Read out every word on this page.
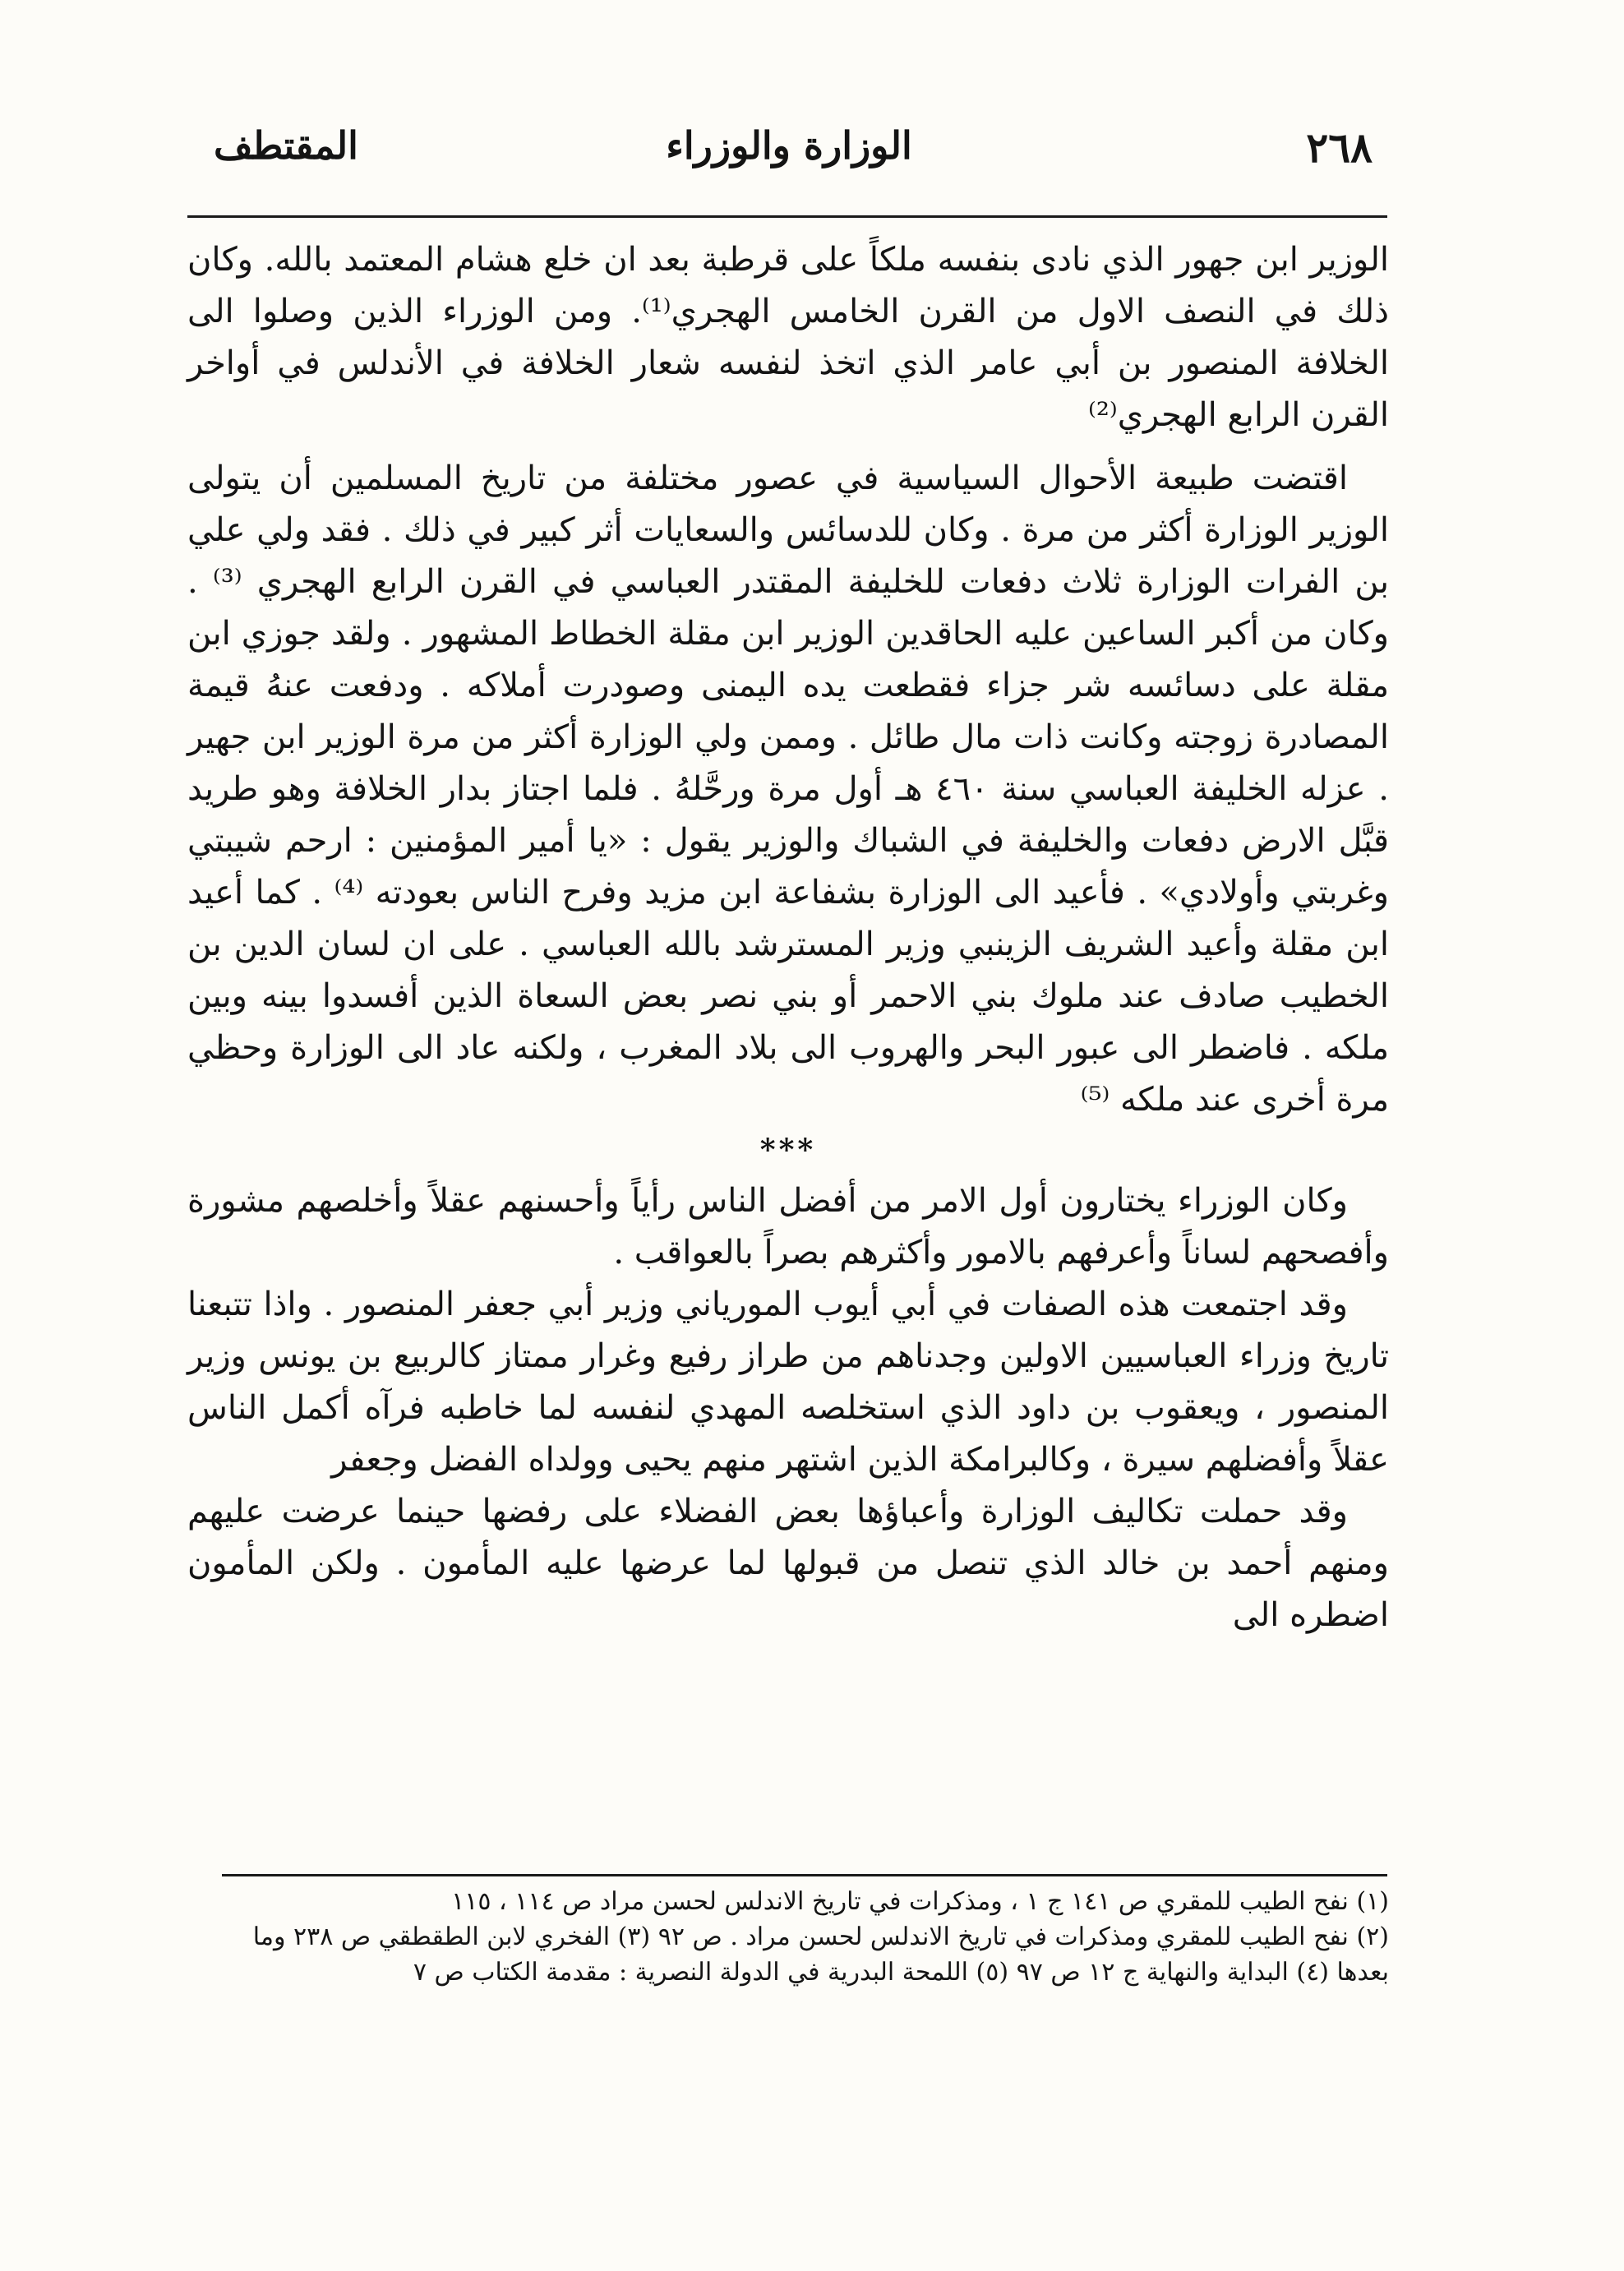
المقتطف	الوزارة والوزراء	٢٦٨

الوزير ابن جهور الذي نادى بنفسه ملكاً على قرطبة بعد ان خلع هشام المعتمد بالله. وكان ذلك في النصف الاول من القرن الخامس الهجري⁽¹⁾. ومن الوزراء الذين وصلوا الى الخلافة المنصور بن أبي عامر الذي اتخذ لنفسه شعار الخلافة في الأندلس في أواخر القرن الرابع الهجري⁽²⁾

اقتضت طبيعة الأحوال السياسية في عصور مختلفة من تاريخ المسلمين أن يتولى الوزير الوزارة أكثر من مرة . وكان للدسائس والسعايات أثر كبير في ذلك . فقد ولي علي بن الفرات الوزارة ثلاث دفعات للخليفة المقتدر العباسي في القرن الرابع الهجري ⁽³⁾ . وكان من أكبر الساعين عليه الحاقدين الوزير ابن مقلة الخطاط المشهور . ولقد جوزي ابن مقلة على دسائسه شر جزاء فقطعت يده اليمنى وصودرت أملاكه . ودفعت عنهُ قيمة المصادرة زوجته وكانت ذات مال طائل . وممن ولي الوزارة أكثر من مرة الوزير ابن جهير . عزله الخليفة العباسي سنة ٤٦٠ هـ أول مرة ورحَّلهُ . فلما اجتاز بدار الخلافة وهو طريد قبَّل الارض دفعات والخليفة في الشباك والوزير يقول : «يا أمير المؤمنين : ارحم شيبتي وغربتي وأولادي» . فأعيد الى الوزارة بشفاعة ابن مزيد وفرح الناس بعودته ⁽⁴⁾ . كما أعيد ابن مقلة وأعيد الشريف الزينبي وزير المسترشد بالله العباسي . على ان لسان الدين بن الخطيب صادف عند ملوك بني الاحمر أو بني نصر بعض السعاة الذين أفسدوا بينه وبين ملكه . فاضطر الى عبور البحر والهروب الى بلاد المغرب ، ولكنه عاد الى الوزارة وحظي مرة أخرى عند ملكه ⁽⁵⁾

***

وكان الوزراء يختارون أول الامر من أفضل الناس رأياً وأحسنهم عقلاً وأخلصهم مشورة وأفصحهم لساناً وأعرفهم بالامور وأكثرهم بصراً بالعواقب .

وقد اجتمعت هذه الصفات في أبي أيوب المورياني وزير أبي جعفر المنصور . واذا تتبعنا تاريخ وزراء العباسيين الاولين وجدناهم من طراز رفيع وغرار ممتاز كالربيع بن يونس وزير المنصور ، ويعقوب بن داود الذي استخلصه المهدي لنفسه لما خاطبه فرآه أكمل الناس عقلاً وأفضلهم سيرة ، وكالبرامكة الذين اشتهر منهم يحيى وولداه الفضل وجعفر

وقد حملت تكاليف الوزارة وأعباؤها بعض الفضلاء على رفضها حينما عرضت عليهم ومنهم أحمد بن خالد الذي تنصل من قبولها لما عرضها عليه المأمون . ولكن المأمون اضطره الى

(١) نفح الطيب للمقري ص ١٤١ ج ١ ، ومذكرات في تاريخ الاندلس لحسن مراد ص ١١٤ ، ١١٥

(٢) نفح الطيب للمقري ومذكرات في تاريخ الاندلس لحسن مراد . ص ٩٢ (٣) الفخري لابن الطقطقي ص ٢٣٨ وما بعدها (٤) البداية والنهاية ج ١٢ ص ٩٧ (٥) اللمحة البدرية في الدولة النصرية : مقدمة الكتاب ص ٧
